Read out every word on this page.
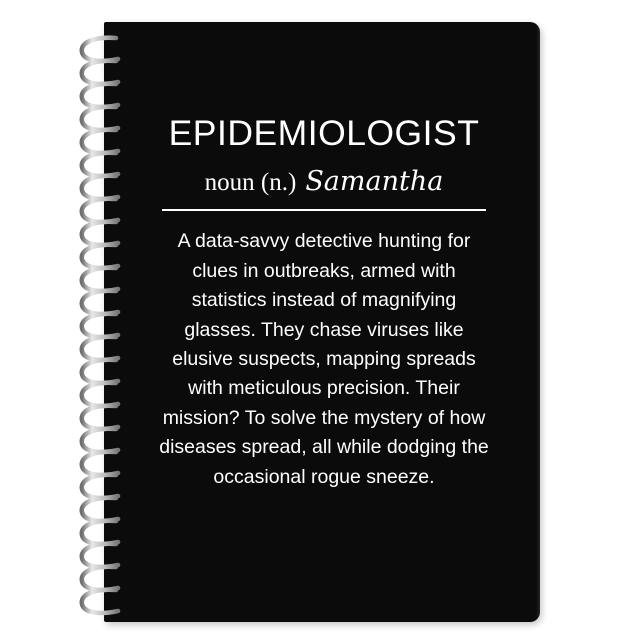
EPIDEMIOLOGIST
noun (n.) Samantha

A data-savvy detective hunting for clues in outbreaks, armed with statistics instead of magnifying glasses. They chase viruses like elusive suspects, mapping spreads with meticulous precision. Their mission? To solve the mystery of how diseases spread, all while dodging the occasional rogue sneeze.
